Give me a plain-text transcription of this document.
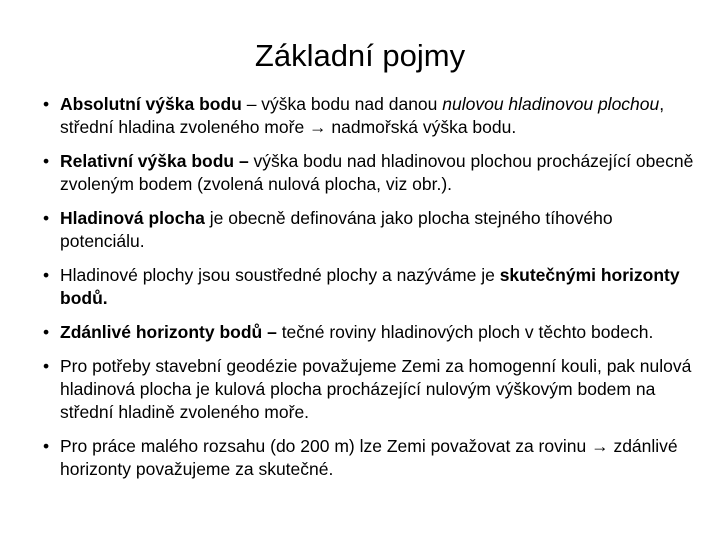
Základní pojmy
• Absolutní výška bodu – výška bodu nad danou nulovou hladinovou plochou, střední hladina zvoleného moře → nadmořská výška bodu.
• Relativní výška bodu – výška bodu nad hladinovou plochou procházející obecně zvoleným bodem (zvolená nulová plocha, viz obr.).
• Hladinová plocha je obecně definována jako plocha stejného tíhového potenciálu.
• Hladinové plochy jsou soustředné plochy a nazýváme je skutečnými horizonty bodů.
• Zdánlivé horizonty bodů – tečné roviny hladinových ploch v těchto bodech.
• Pro potřeby stavební geodézie považujeme Zemi za homogenní kouli, pak nulová hladinová plocha je kulová plocha procházející nulovým výškovým bodem na střední hladině zvoleného moře.
• Pro práce malého rozsahu (do 200 m) lze Zemi považovat za rovinu → zdánlivé  horizonty považujeme za skutečné.
